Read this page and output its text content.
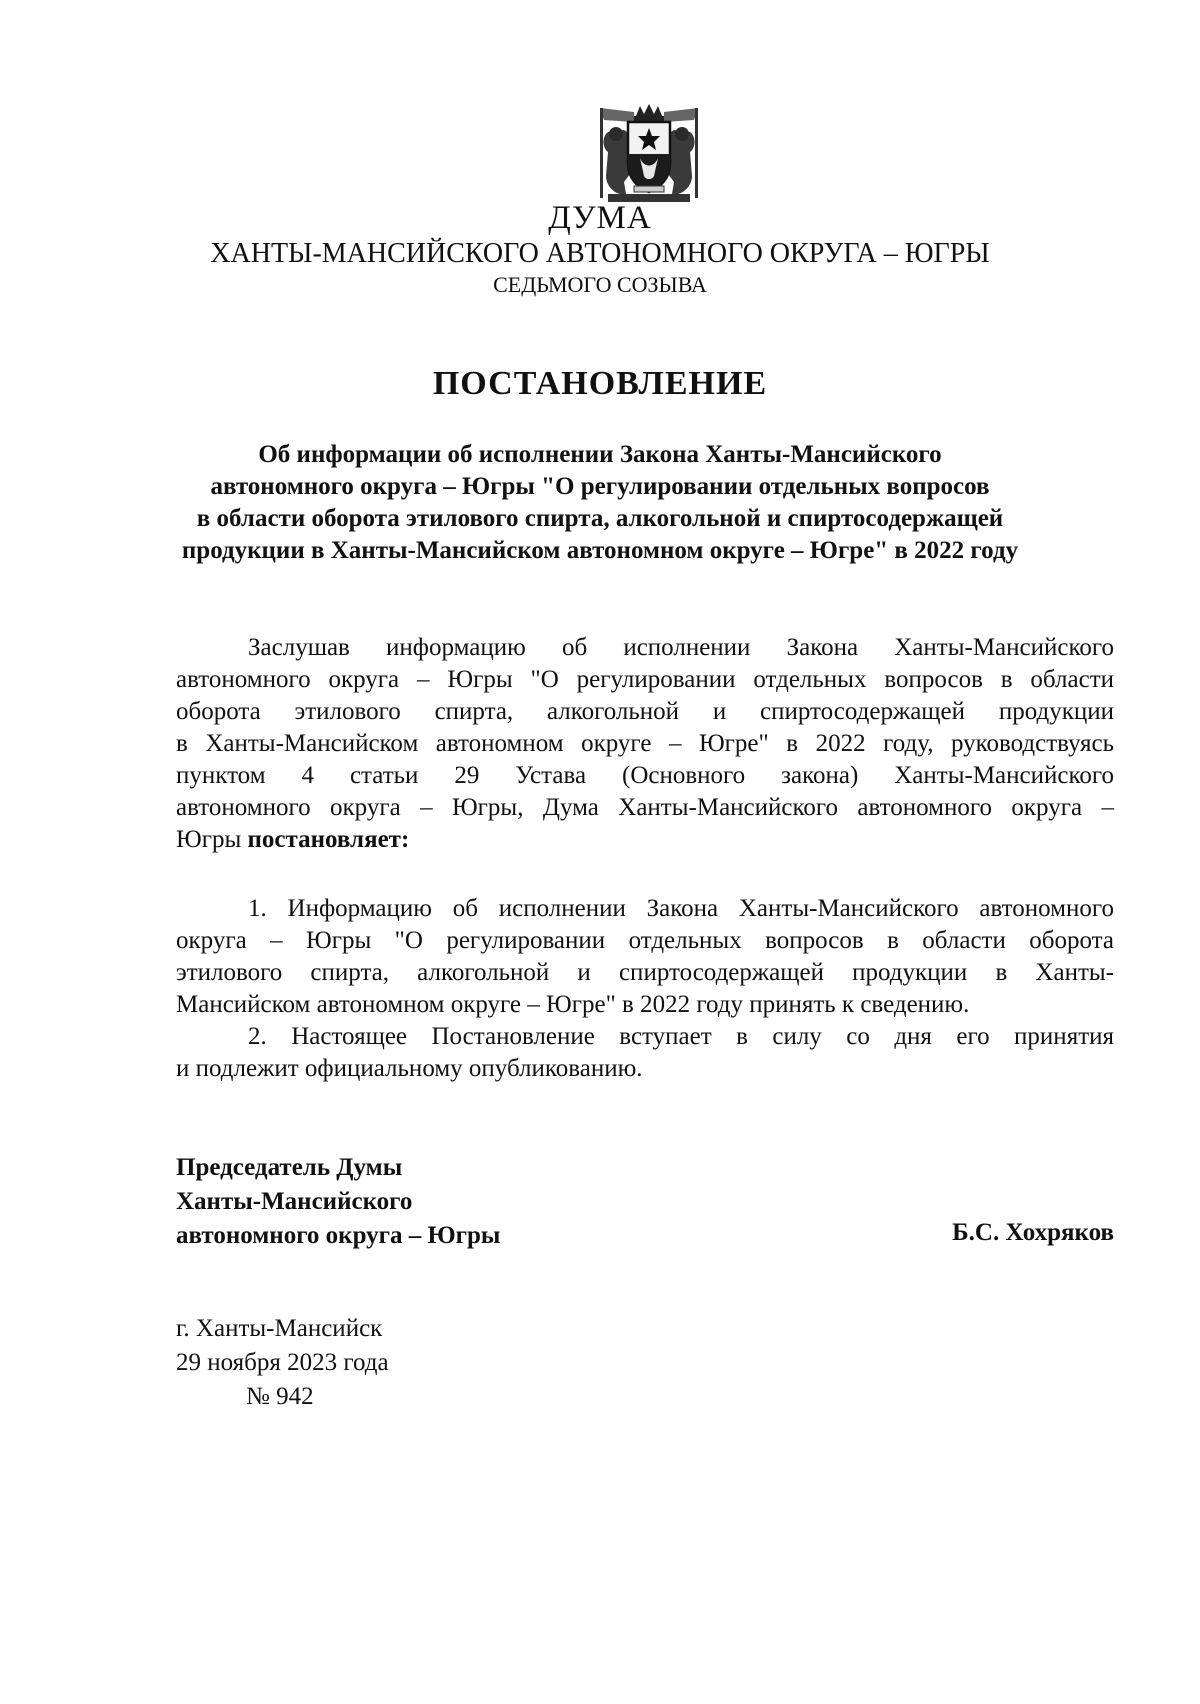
ДУМА
ХАНТЫ-МАНСИЙСКОГО АВТОНОМНОГО ОКРУГА – ЮГРЫ
СЕДЬМОГО СОЗЫВА
ПОСТАНОВЛЕНИЕ
Об информации об исполнении Закона Ханты-Мансийского
автономного округа – Югры "О регулировании отдельных вопросов
в области оборота этилового спирта, алкогольной и спиртосодержащей
продукции в Ханты-Мансийском автономном округе – Югре" в 2022 году
Заслушав информацию об исполнении Закона Ханты-Мансийского
автономного округа – Югры "О регулировании отдельных вопросов в области
оборота этилового спирта, алкогольной и спиртосодержащей продукции
в Ханты-Мансийском автономном округе – Югре" в 2022 году, руководствуясь
пунктом 4 статьи 29 Устава (Основного закона) Ханты-Мансийского
автономного округа – Югры, Дума Ханты-Мансийского автономного округа –
Югры постановляет:
1. Информацию об исполнении Закона Ханты-Мансийского автономного
округа – Югры "О регулировании отдельных вопросов в области оборота
этилового спирта, алкогольной и спиртосодержащей продукции в Ханты-
Мансийском автономном округе – Югре" в 2022 году принять к сведению.
2. Настоящее Постановление вступает в силу со дня его принятия
и подлежит официальному опубликованию.
Председатель Думы
Ханты-Мансийского
автономного округа – Югры	Б.С. Хохряков
г. Ханты-Мансийск
29 ноября 2023 года
№ 942
